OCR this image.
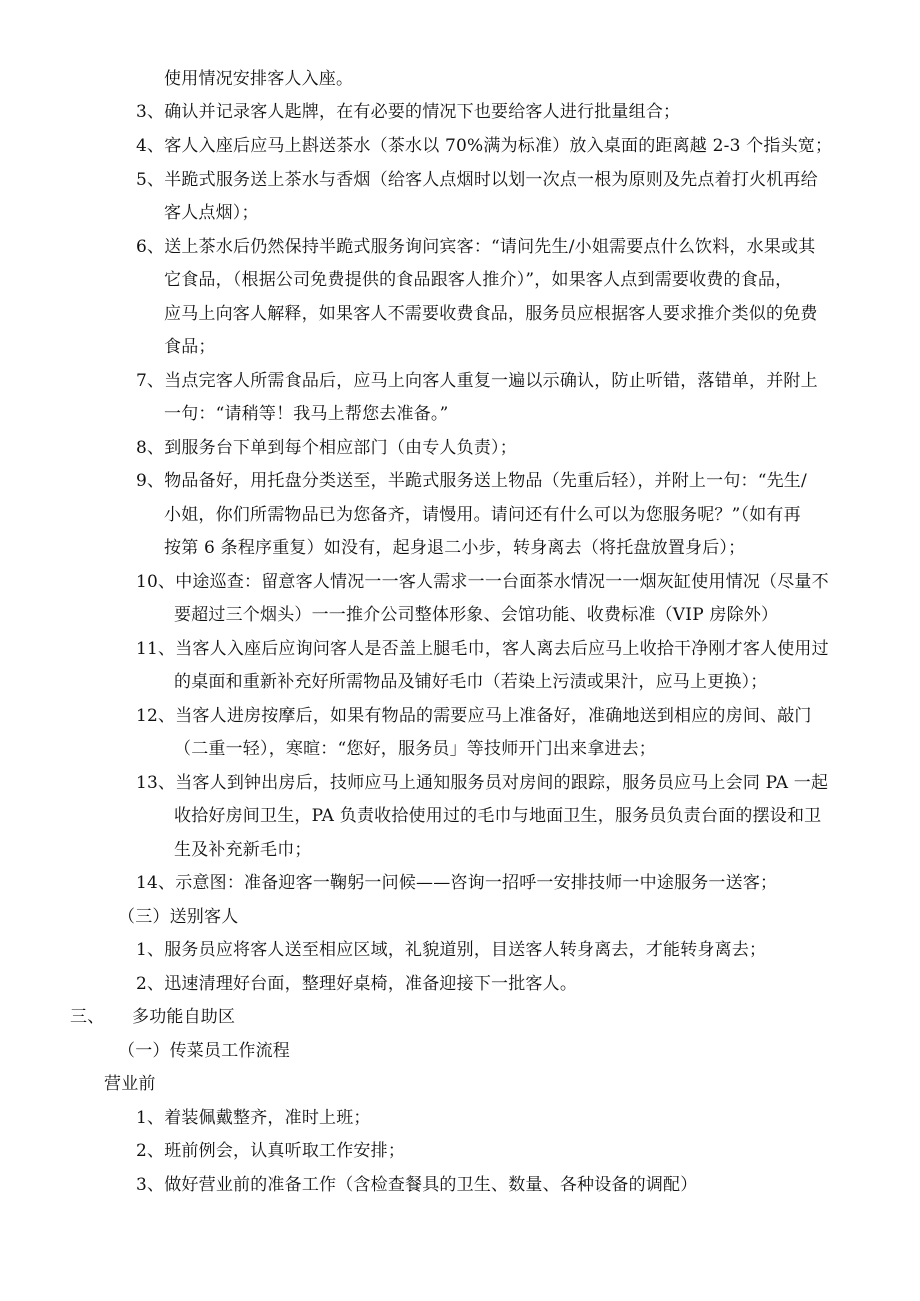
使用情况安排客人入座。
3、确认并记录客人匙牌，在有必要的情况下也要给客人进行批量组合；
4、客人入座后应马上斟送茶水（茶水以 70%满为标准）放入桌面的距离越 2-3 个指头宽；
5、半跪式服务送上茶水与香烟（给客人点烟时以划一次点一根为原则及先点着打火机再给
客人点烟）；
6、送上茶水后仍然保持半跪式服务询问宾客：“请问先生/小姐需要点什么饮料，水果或其
它食品，（根据公司免费提供的食品跟客人推介）”，如果客人点到需要收费的食品，
应马上向客人解释，如果客人不需要收费食品，服务员应根据客人要求推介类似的免费
食品；
7、当点完客人所需食品后，应马上向客人重复一遍以示确认，防止听错，落错单，并附上
一句：“请稍等！我马上帮您去准备。”
8、到服务台下单到每个相应部门（由专人负责）；
9、物品备好，用托盘分类送至，半跪式服务送上物品（先重后轻），并附上一句：“先生/
小姐，你们所需物品已为您备齐，请慢用。请问还有什么可以为您服务呢？”（如有再
按第 6 条程序重复）如没有，起身退二小步，转身离去（将托盘放置身后）；
10、中途巡查：留意客人情况一一客人需求一一台面茶水情况一一烟灰缸使用情况（尽量不
要超过三个烟头）一一推介公司整体形象、会馆功能、收费标准（VIP 房除外）
11、当客人入座后应询问客人是否盖上腿毛巾，客人离去后应马上收拾干净刚才客人使用过
的桌面和重新补充好所需物品及铺好毛巾（若染上污渍或果汁，应马上更换）；
12、当客人进房按摩后，如果有物品的需要应马上准备好，准确地送到相应的房间、敲门
（二重一轻），寒暄：“您好，服务员」等技师开门出来拿进去；
13、当客人到钟出房后，技师应马上通知服务员对房间的跟踪，服务员应马上会同 PA 一起
收拾好房间卫生，PA 负责收拾使用过的毛巾与地面卫生，服务员负责台面的摆设和卫
生及补充新毛巾；
14、示意图：准备迎客一鞠躬一问候——咨询一招呼一安排技师一中途服务一送客；
（三）送别客人
1、服务员应将客人送至相应区域，礼貌道别，目送客人转身离去，才能转身离去；
2、迅速清理好台面，整理好桌椅，准备迎接下一批客人。
三、 多功能自助区
（一）传菜员工作流程
营业前
1、着装佩戴整齐，准时上班；
2、班前例会，认真听取工作安排；
3、做好营业前的准备工作（含检查餐具的卫生、数量、各种设备的调配）
